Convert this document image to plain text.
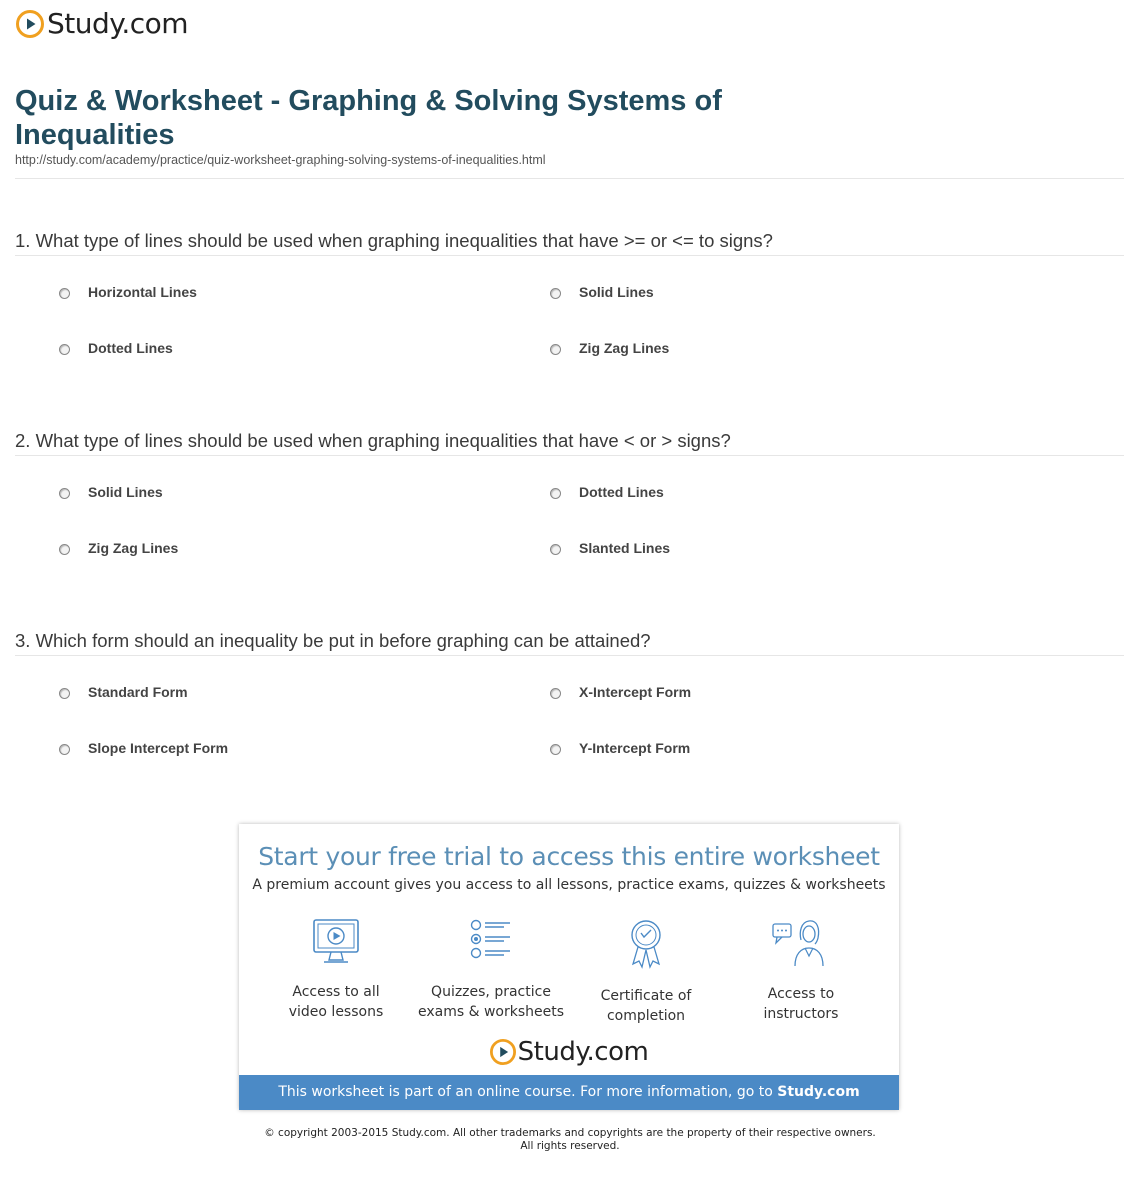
Study.com
Quiz & Worksheet - Graphing & Solving Systems of Inequalities
http://study.com/academy/practice/quiz-worksheet-graphing-solving-systems-of-inequalities.html
1. What type of lines should be used when graphing inequalities that have >= or <= to signs?
Horizontal Lines	Solid Lines
Dotted Lines	Zig Zag Lines
2. What type of lines should be used when graphing inequalities that have < or > signs?
Solid Lines	Dotted Lines
Zig Zag Lines	Slanted Lines
3. Which form should an inequality be put in before graphing can be attained?
Standard Form	X-Intercept Form
Slope Intercept Form	Y-Intercept Form
Start your free trial to access this entire worksheet
A premium account gives you access to all lessons, practice exams, quizzes & worksheets
Access to all
video lessons
Quizzes, practice
exams & worksheets
Certificate of
completion
Access to
instructors
Study.com
This worksheet is part of an online course. For more information, go to Study.com
© copyright 2003-2015 Study.com. All other trademarks and copyrights are the property of their respective owners.
All rights reserved.
